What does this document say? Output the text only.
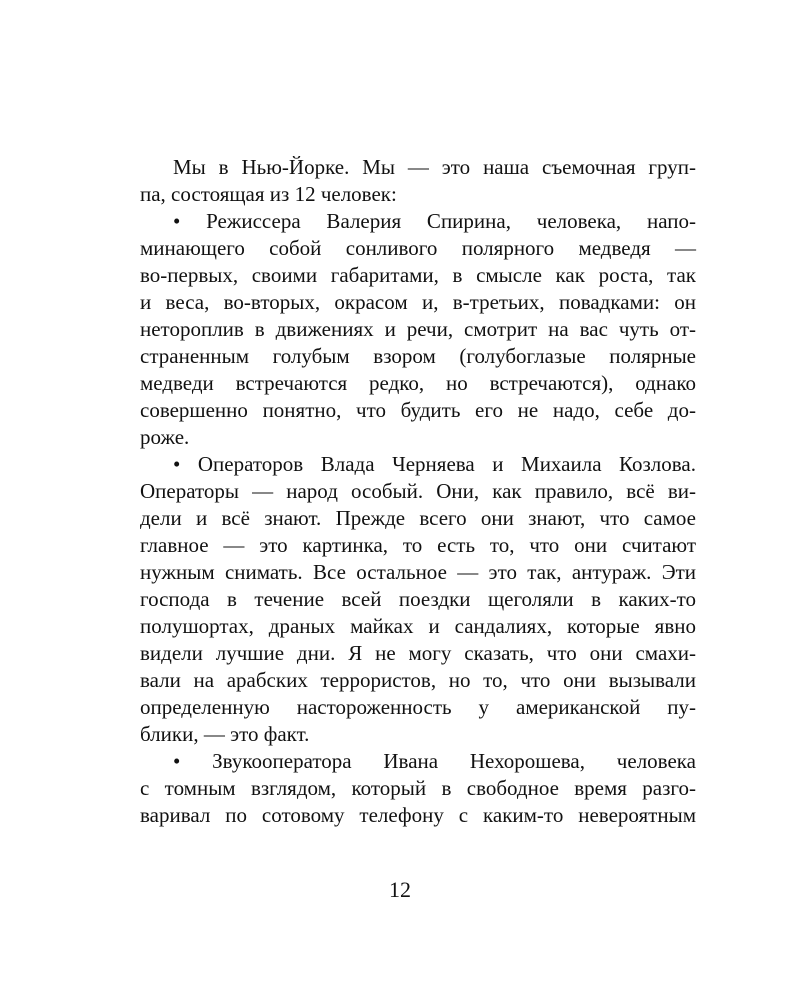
Мы в Нью-Йорке. Мы — это наша съемочная груп-
па, состоящая из 12 человек:
• Режиссера Валерия Спирина, человека, напо-
минающего собой сонливого полярного медведя —
во-первых, своими габаритами, в смысле как роста, так
и веса, во-вторых, окрасом и, в-третьих, повадками: он
нетороплив в движениях и речи, смотрит на вас чуть от-
страненным голубым взором (голубоглазые полярные
медведи встречаются редко, но встречаются), однако
совершенно понятно, что будить его не надо, себе до-
роже.
• Операторов Влада Черняева и Михаила Козлова.
Операторы — народ особый. Они, как правило, всё ви-
дели и всё знают. Прежде всего они знают, что самое
главное — это картинка, то есть то, что они считают
нужным снимать. Все остальное — это так, антураж. Эти
господа в течение всей поездки щеголяли в каких-то
полушортах, драных майках и сандалиях, которые явно
видели лучшие дни. Я не могу сказать, что они смахи-
вали на арабских террористов, но то, что они вызывали
определенную настороженность у американской пу-
блики, — это факт.
• Звукооператора Ивана Нехорошева, человека
с томным взглядом, который в свободное время разго-
варивал по сотовому телефону с каким-то невероятным
12
